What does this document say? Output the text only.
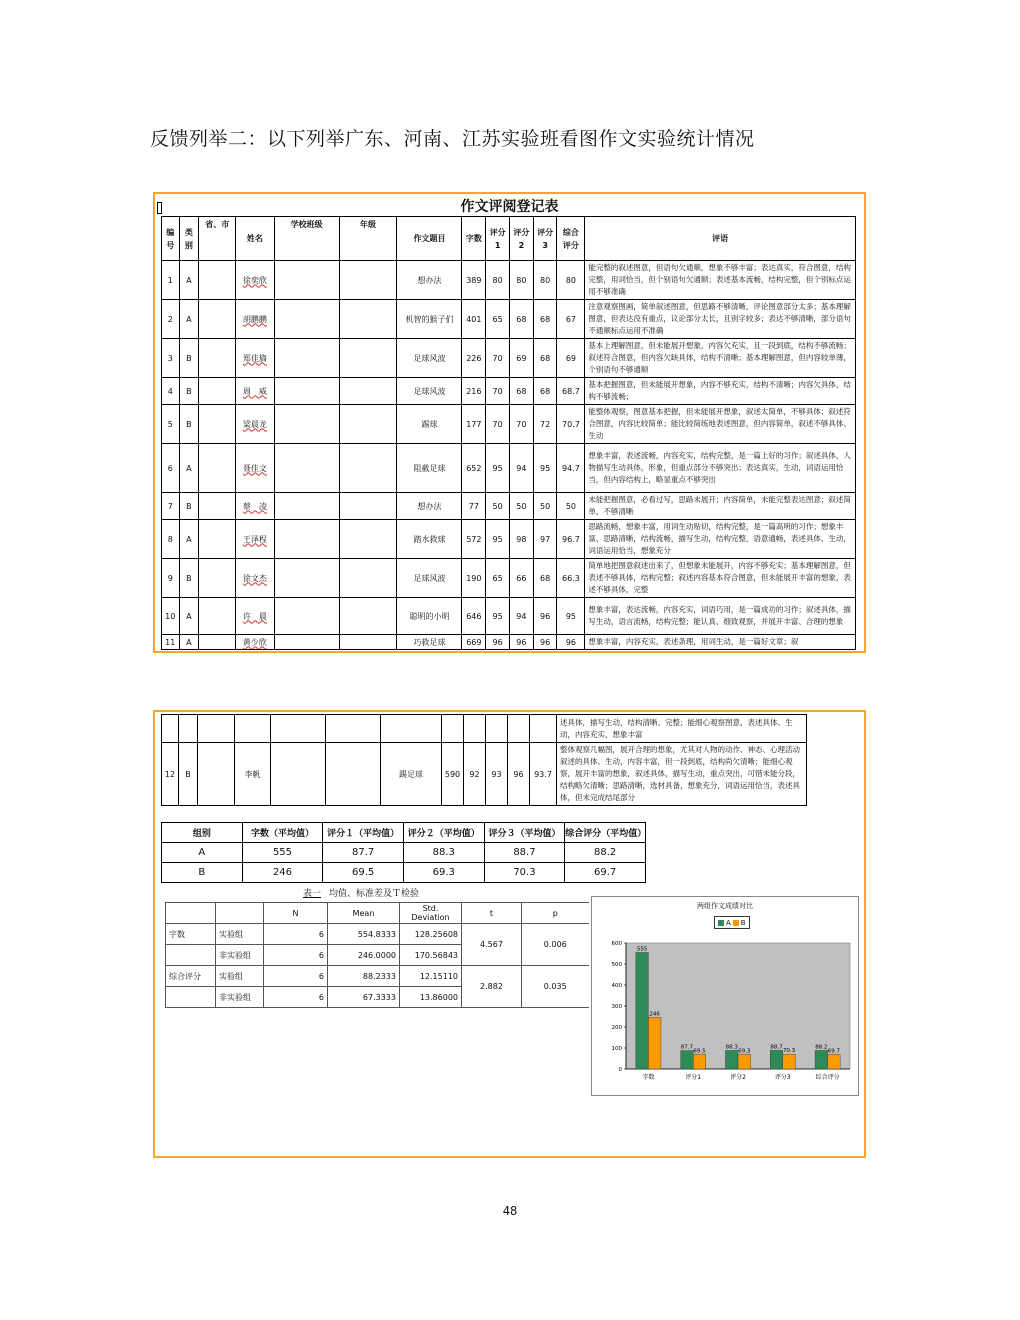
反馈列举二：以下列举广东、河南、江苏实验班看图作文实验统计情况
作文评阅登记表
编号	类别	省、市	姓名	学校班级	年级	作文题目	字数	评分1	评分2	评分3	综合评分	评语
1	A		徐奕欣			想办法	389	80	80	80	80	能完整的叙述图意，但语句欠通顺，想象不够丰富；表达真实，符合图意，结构完整，用词恰当，但个别语句欠通顺；表述基本流畅，结构完整，但个别标点运用不够准确
2	A		胡鹏鹏			机智的猴子们	401	65	68	68	67	注意观察图画，简单叙述图意，但思路不够清晰，评论图意部分太多；基本理解图意，但表达没有重点，议论部分太长，且别字较多；表达不够清晰，部分语句不通顺标点运用不准确
3	B		郑佳旖			足球风波	226	70	69	68	69	基本上理解图意，但未能展开想象，内容欠充实，且一段到底，结构不够流畅；叙述符合图意，但内容欠缺具体，结构不清晰；基本理解图意，但内容较单薄，个别语句不够通顺
4	B		周　威			足球风波	216	70	68	68	68.7	基本把握图意，但未能展开想象，内容不够充实，结构不清晰；内容欠具体，结构不够流畅；
5	B		梁晨龙			踢球	177	70	70	72	70.7	能整体观察，图意基本把握，但未能展开想象，叙述太简单，不够具体；叙述符合图意，内容比较简单；能比较简练地表述图意，但内容简单，叙述不够具体、生动
6	A		聂佳文			阻截足球	652	95	94	95	94.7	想象丰富，表述流畅，内容充实，结构完整，是一篇上好的习作；叙述具体，人物描写生动具体，形象，但重点部分不够突出；表达真实，生动，词语运用恰当，但内容结构上，略显重点不够突出
7	B		蔡　凌			想办法	77	50	50	50	50	未能把握图意，必看过写，思路未展开；内容简单，未能完整表达图意；叙述简单，不够清晰
8	A		王泽程			踏水救球	572	95	98	97	96.7	思路流畅，想象丰富，用词生动贴切，结构完整，是一篇高明的习作；想象丰富，思路清晰，结构流畅，描写生动，结构完整，语意通畅，表述具体、生动，词语运用恰当，想象充分
9	B		徐文杰			足球风波	190	65	66	68	66.3	简单地把图意叙述出来了，但想象未能展开，内容不够充实；基本理解图意，但表述不够具体，结构完整；叙述内容基本符合图意，但未能展开丰富的想象，表述不够具体，完整
10	A		许　晨			聪明的小明	646	95	94	96	95	想象丰富，表达流畅，内容充实，词语巧用，是一篇成功的习作；叙述具体，描写生动，语言流畅，结构完整；能认真、细致观察，并展开丰富、合理的想象
11	A		黄少欣			巧救足球	669	96	96	96	96	想象丰富，内容充实，表述条理，用词生动，是一篇好文章；叙
												述具体，描写生动，结构清晰、完整；能细心观察图意，表述具体、生动，内容充实，想象丰富
12	B		李帆			踢足球	590	92	93	96	93.7	整体观察几幅图，展开合理的想象，尤其对人物的动作、神态、心理活动叙述的具体、生动，内容丰富，但一段到底，结构尚欠清晰；能细心观察，展开丰富的想象，叙述具体，描写生动，重点突出，可惜未能分段，结构略欠清晰；思路清晰，选材具备，想象充分，词语运用恰当，表述具体，但未完成结尾部分
组别	字数（平均值）	评分１（平均值）	评分２（平均值）	评分３（平均值）	综合评分（平均值）
A	555	87.7	88.3	88.7	88.2
B	246	69.5	69.3	70.3	69.7
表一 均值、标准差及Ｔ检验
		N	Mean	Std. Deviation	t	p
字数	实验组	6	554.8333	128.25608	4.567	0.006
	非实验组	6	246.0000	170.56843		
综合评分	实验组	6	88.2333	12.15110	2.882	0.035
	非实验组	6	67.3333	13.86000		
0
100
200
300
400
500
600
555
246
字数
87.7
69.5
评分1
88.3
69.3
评分2
88.7
70.3
评分3
88.2
69.7
综合评分
两组作文成绩对比
A B
48
